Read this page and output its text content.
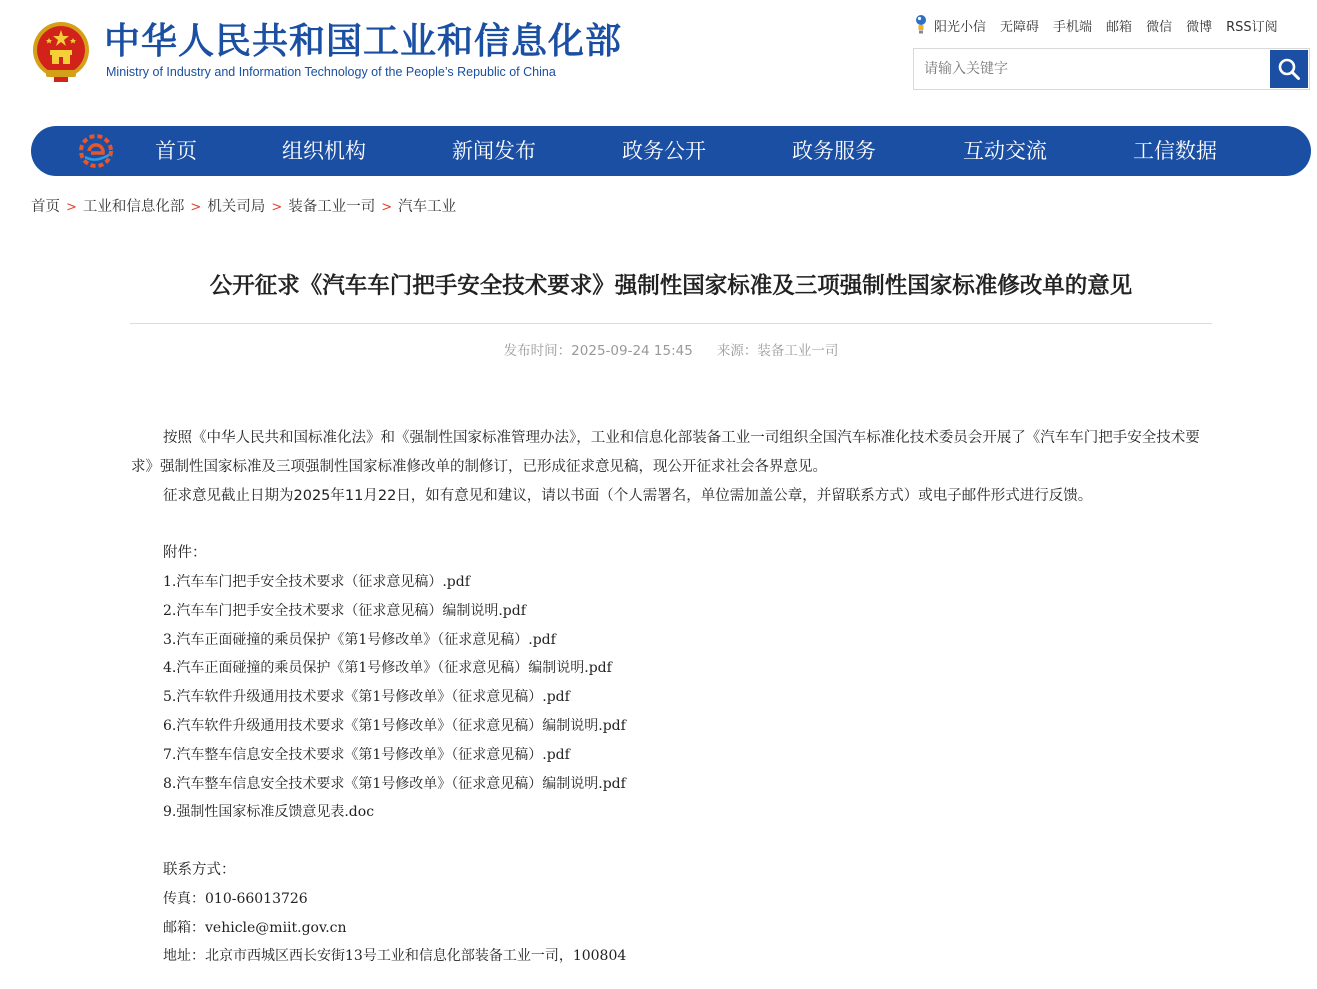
中华人民共和国工业和信息化部
Ministry of Industry and Information Technology of the People’s Republic of China
阳光小信 无障碍 手机端 邮箱 微信 微博 RSS订阅
请输入关键字
首页	组织机构	新闻发布	政务公开	政务服务	互动交流	工信数据
首页 > 工业和信息化部 > 机关司局 > 装备工业一司 > 汽车工业
公开征求《汽车车门把手安全技术要求》强制性国家标准及三项强制性国家标准修改单的意见
发布时间：2025-09-24 15:45 来源：装备工业一司

按照《中华人民共和国标准化法》和《强制性国家标准管理办法》，工业和信息化部装备工业一司组织全国汽车标准化技术委员会开展了《汽车车门把手安全技术要求》强制性国家标准及三项强制性国家标准修改单的制修订，已形成征求意见稿，现公开征求社会各界意见。

征求意见截止日期为2025年11月22日，如有意见和建议，请以书面（个人需署名，单位需加盖公章，并留联系方式）或电子邮件形式进行反馈。

附件：

1.汽车车门把手安全技术要求（征求意见稿）.pdf

2.汽车车门把手安全技术要求（征求意见稿）编制说明.pdf

3.汽车正面碰撞的乘员保护《第1号修改单》（征求意见稿）.pdf

4.汽车正面碰撞的乘员保护《第1号修改单》（征求意见稿）编制说明.pdf

5.汽车软件升级通用技术要求《第1号修改单》（征求意见稿）.pdf

6.汽车软件升级通用技术要求《第1号修改单》（征求意见稿）编制说明.pdf

7.汽车整车信息安全技术要求《第1号修改单》（征求意见稿）.pdf

8.汽车整车信息安全技术要求《第1号修改单》（征求意见稿）编制说明.pdf

9.强制性国家标准反馈意见表.doc

联系方式：

传真：010-66013726

邮箱：vehicle@miit.gov.cn

地址：北京市西城区西长安街13号工业和信息化部装备工业一司，100804
